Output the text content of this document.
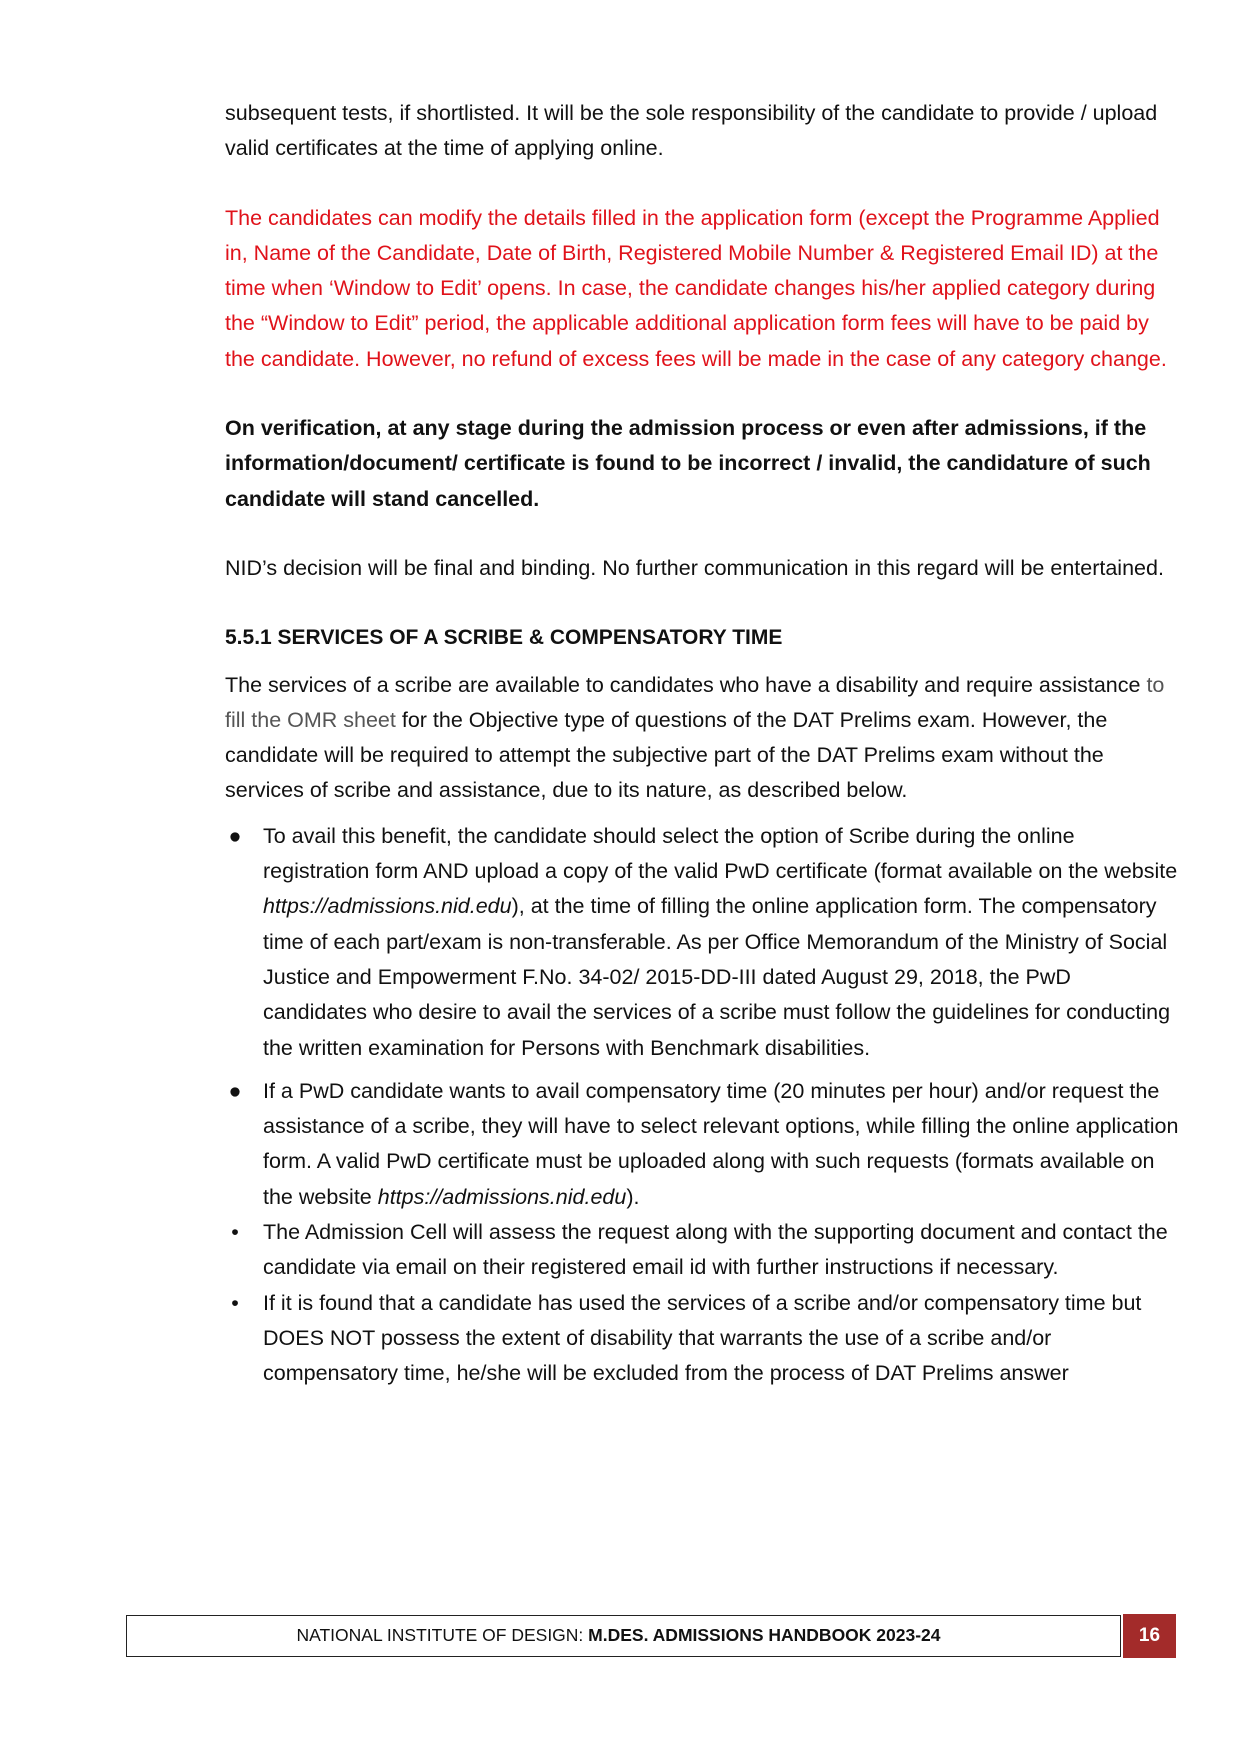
subsequent tests, if shortlisted. It will be the sole responsibility of the candidate to provide / upload valid certificates at the time of applying online.

The candidates can modify the details filled in the application form (except the Programme Applied in, Name of the Candidate, Date of Birth, Registered Mobile Number & Registered Email ID) at the time when ‘Window to Edit’ opens. In case, the candidate changes his/her applied category during the “Window to Edit” period, the applicable additional application form fees will have to be paid by the candidate. However, no refund of excess fees will be made in the case of any category change.

On verification, at any stage during the admission process or even after admissions, if the information/document/ certificate is found to be incorrect / invalid, the candidature of such candidate will stand cancelled.

NID’s decision will be final and binding. No further communication in this regard will be entertained.

5.5.1 SERVICES OF A SCRIBE & COMPENSATORY TIME

The services of a scribe are available to candidates who have a disability and require assistance to fill the OMR sheet for the Objective type of questions of the DAT Prelims exam. However, the candidate will be required to attempt the subjective part of the DAT Prelims exam without the services of scribe and assistance, due to its nature, as described below.

● To avail this benefit, the candidate should select the option of Scribe during the online registration form AND upload a copy of the valid PwD certificate (format available on the website https://admissions.nid.edu), at the time of filling the online application form. The compensatory time of each part/exam is non-transferable. As per Office Memorandum of the Ministry of Social Justice and Empowerment F.No. 34-02/ 2015-DD-III dated August 29, 2018, the PwD candidates who desire to avail the services of a scribe must follow the guidelines for conducting the written examination for Persons with Benchmark disabilities.
● If a PwD candidate wants to avail compensatory time (20 minutes per hour) and/or request the assistance of a scribe, they will have to select relevant options, while filling the online application form. A valid PwD certificate must be uploaded along with such requests (formats available on the website https://admissions.nid.edu).
• The Admission Cell will assess the request along with the supporting document and contact the candidate via email on their registered email id with further instructions if necessary.
• If it is found that a candidate has used the services of a scribe and/or compensatory time but DOES NOT possess the extent of disability that warrants the use of a scribe and/or compensatory time, he/she will be excluded from the process of DAT Prelims answer
NATIONAL INSTITUTE OF DESIGN: M.DES. ADMISSIONS HANDBOOK 2023-24	16
